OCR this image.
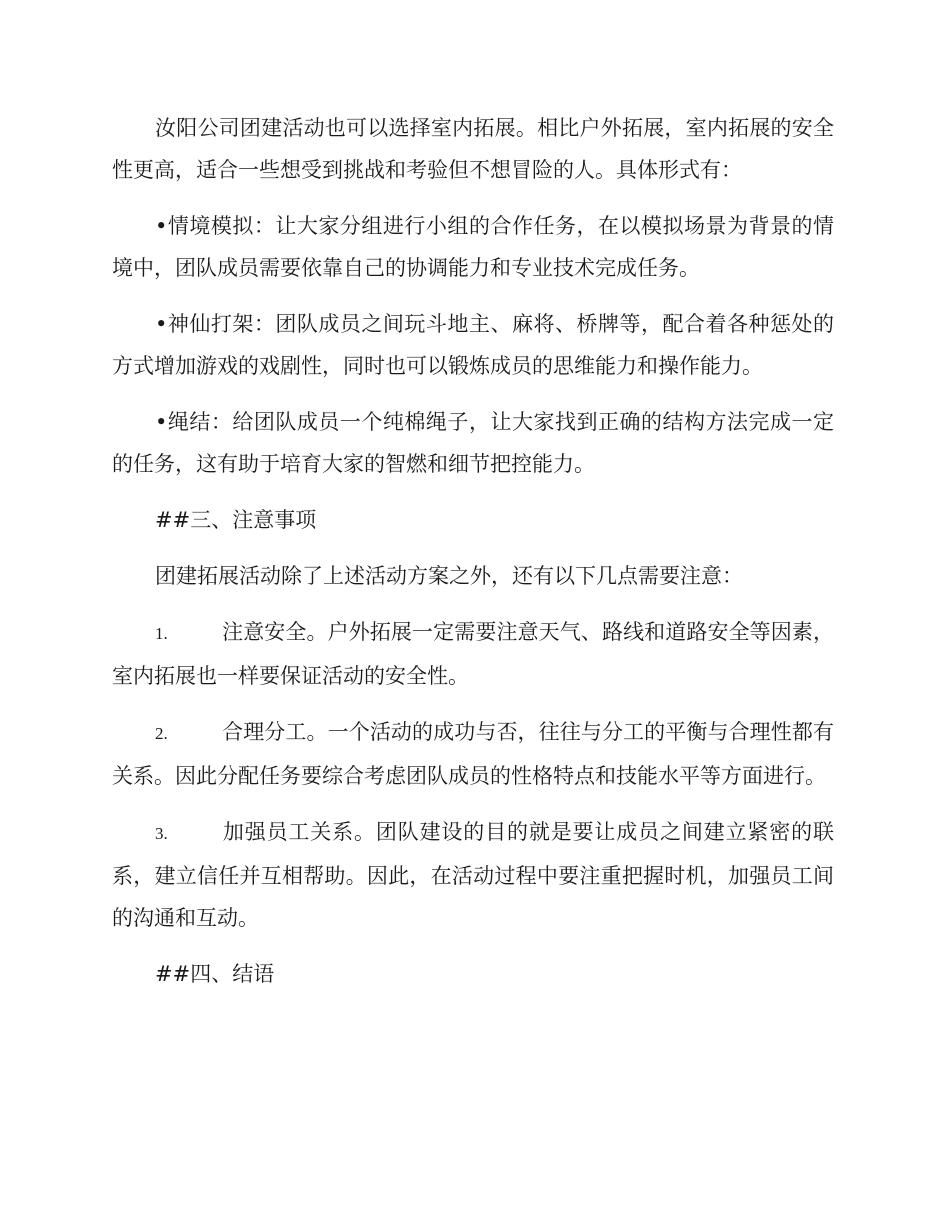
汝阳公司团建活动也可以选择室内拓展。相比户外拓展，室内拓展的安全性更高，适合一些想受到挑战和考验但不想冒险的人。具体形式有：

•情境模拟：让大家分组进行小组的合作任务，在以模拟场景为背景的情境中，团队成员需要依靠自己的协调能力和专业技术完成任务。

•神仙打架：团队成员之间玩斗地主、麻将、桥牌等，配合着各种惩处的方式增加游戏的戏剧性，同时也可以锻炼成员的思维能力和操作能力。

•绳结：给团队成员一个纯棉绳子，让大家找到正确的结构方法完成一定的任务，这有助于培育大家的智燃和细节把控能力。

##三、注意事项

团建拓展活动除了上述活动方案之外，还有以下几点需要注意：

1.	注意安全。户外拓展一定需要注意天气、路线和道路安全等因素，室内拓展也一样要保证活动的安全性。

2.	合理分工。一个活动的成功与否，往往与分工的平衡与合理性都有关系。因此分配任务要综合考虑团队成员的性格特点和技能水平等方面进行。

3.	加强员工关系。团队建设的目的就是要让成员之间建立紧密的联系，建立信任并互相帮助。因此，在活动过程中要注重把握时机，加强员工间的沟通和互动。

##四、结语
